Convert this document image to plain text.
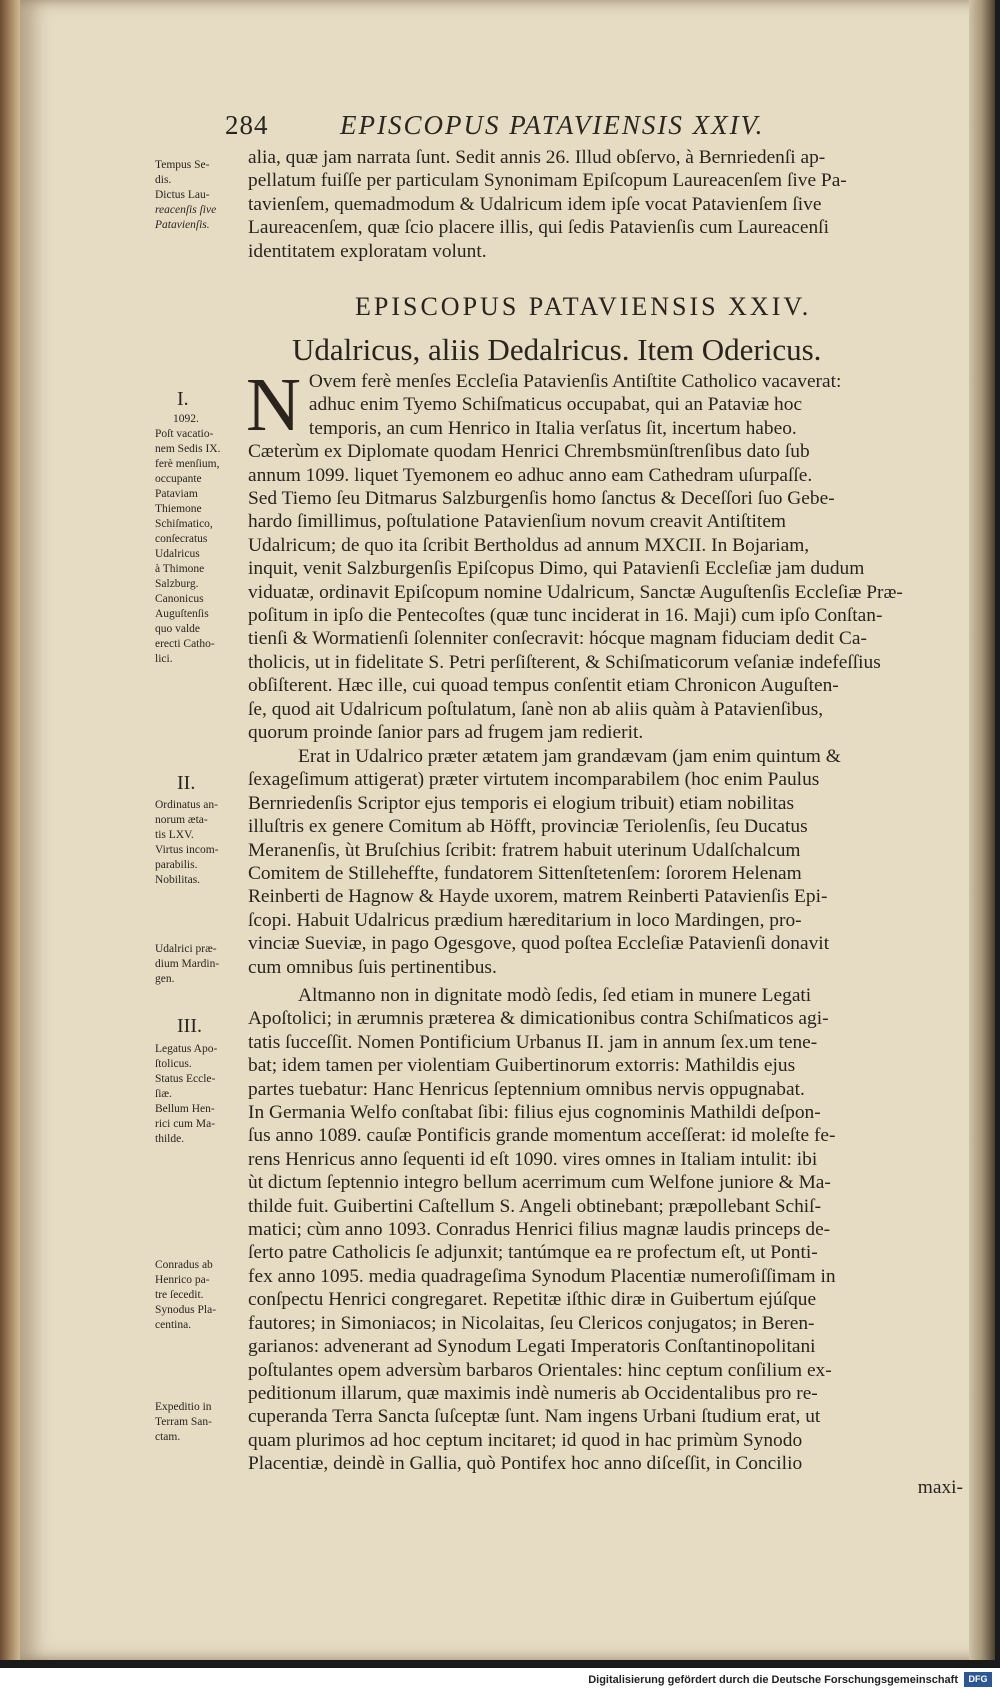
284	EPISCOPUS PATAVIENSIS XXIV.
alia, quæ jam narrata ſunt. Sedit annis 26. Illud obſervo, à Bernriedenſi ap-
pellatum fuiſſe per particulam Synonimam Epiſcopum Laureacenſem ſive Pa-
tavienſem, quemadmodum & Udalricum idem ipſe vocat Patavienſem ſive
Laureacenſem, quæ ſcio placere illis, qui ſedis Patavienſis cum Laureacenſi
identitatem exploratam volunt.
EPISCOPUS PATAVIENSIS XXIV.
Udalricus, aliis Dedalricus. Item Odericus.
N Ovem ferè menſes Eccleſia Patavienſis Antiſtite Catholico vacaverat:
adhuc enim Tyemo Schiſmaticus occupabat, qui an Pataviæ hoc
temporis, an cum Henrico in Italia verſatus ſit, incertum habeo.
Cæterùm ex Diplomate quodam Henrici Chrembsmünſtrenſibus dato ſub
annum 1099. liquet Tyemonem eo adhuc anno eam Cathedram uſurpaſſe.
Sed Tiemo ſeu Ditmarus Salzburgenſis homo ſanctus & Deceſſori ſuo Gebe-
hardo ſimillimus, poſtulatione Patavienſium novum creavit Antiſtitem
Udalricum; de quo ita ſcribit Bertholdus ad annum MXCII. In Bojariam,
inquit, venit Salzburgenſis Epiſcopus Dimo, qui Patavienſi Eccleſiæ jam dudum
viduatæ, ordinavit Epiſcopum nomine Udalricum, Sanctæ Auguſtenſis Eccleſiæ Præ-
poſitum in ipſo die Pentecoſtes (quæ tunc inciderat in 16. Maji) cum ipſo Conſtan-
tienſi & Wormatienſi ſolenniter conſecravit: hócque magnam fiduciam dedit Ca-
tholicis, ut in fidelitate S. Petri perſiſterent, & Schiſmaticorum veſaniæ indefeſſius
obſiſterent. Hæc ille, cui quoad tempus conſentit etiam Chronicon Auguſten-
ſe, quod ait Udalricum poſtulatum, ſanè non ab aliis quàm à Patavienſibus,
quorum proinde ſanior pars ad frugem jam redierit.
Erat in Udalrico præter ætatem jam grandævam (jam enim quintum &
ſexageſimum attigerat) præter virtutem incomparabilem (hoc enim Paulus
Bernriedenſis Scriptor ejus temporis ei elogium tribuit) etiam nobilitas
illuſtris ex genere Comitum ab Höfft, provinciæ Teriolenſis, ſeu Ducatus
Meranenſis, ùt Bruſchius ſcribit: fratrem habuit uterinum Udalſchalcum
Comitem de Stilleheffte, fundatorem Sittenſtetenſem: ſororem Helenam
Reinberti de Hagnow & Hayde uxorem, matrem Reinberti Patavienſis Epi-
ſcopi. Habuit Udalricus prædium hæreditarium in loco Mardingen, pro-
vinciæ Sueviæ, in pago Ogesgove, quod poſtea Eccleſiæ Patavienſi donavit
cum omnibus ſuis pertinentibus.
Altmanno non in dignitate modò ſedis, ſed etiam in munere Legati
Apoſtolici; in ærumnis præterea & dimicationibus contra Schiſmaticos agi-
tatis ſucceſſit. Nomen Pontificium Urbanus II. jam in annum ſex.um tene-
bat; idem tamen per violentiam Guibertinorum extorris: Mathildis ejus
partes tuebatur: Hanc Henricus ſeptennium omnibus nervis oppugnabat.
In Germania Welfo conſtabat ſibi: filius ejus cognominis Mathildi deſpon-
ſus anno 1089. cauſæ Pontificis grande momentum acceſſerat: id moleſte fe-
rens Henricus anno ſequenti id eſt 1090. vires omnes in Italiam intulit: ibi
ùt dictum ſeptennio integro bellum acerrimum cum Welfone juniore & Ma-
thilde fuit. Guibertini Caſtellum S. Angeli obtinebant; præpollebant Schiſ-
matici; cùm anno 1093. Conradus Henrici filius magnæ laudis princeps de-
ſerto patre Catholicis ſe adjunxit; tantúmque ea re profectum eſt, ut Ponti-
fex anno 1095. media quadrageſima Synodum Placentiæ numeroſiſſimam in
conſpectu Henrici congregaret. Repetitæ iſthic diræ in Guibertum ejúſque
fautores; in Simoniacos; in Nicolaitas, ſeu Clericos conjugatos; in Beren-
garianos: advenerant ad Synodum Legati Imperatoris Conſtantinopolitani
poſtulantes opem adversùm barbaros Orientales: hinc ceptum conſilium ex-
peditionum illarum, quæ maximis indè numeris ab Occidentalibus pro re-
cuperanda Terra Sancta ſuſceptæ ſunt. Nam ingens Urbani ſtudium erat, ut
quam plurimos ad hoc ceptum incitaret; id quod in hac primùm Synodo
Placentiæ, deindè in Gallia, quò Pontifex hoc anno diſceſſit, in Concilio
maxi-
Tempus Se-
dis.
Dictus Lau-
reacenſis ſive
Patavienſis.
I.
1092.
Poſt vacatio-
nem Sedis IX.
ferè menſium,
occupante
Pataviam
Thiemone
Schiſmatico,
conſecratus
Udalricus
à Thimone
Salzburg.
Canonicus
Auguſtenſis
quo valde
erecti Catho-
lici.
II.
Ordinatus an-
norum æta-
tis LXV.
Virtus incom-
parabilis.
Nobilitas.
Udalrici præ-
dium Mardin-
gen.
III.
Legatus Apo-
ſtolicus.
Status Eccle-
ſiæ.
Bellum Hen-
rici cum Ma-
thilde.
Conradus ab
Henrico pa-
tre ſecedit.
Synodus Pla-
centina.
Expeditio in
Terram San-
ctam.
Digitalisierung gefördert durch die Deutsche Forschungsgemeinschaft	DFG
